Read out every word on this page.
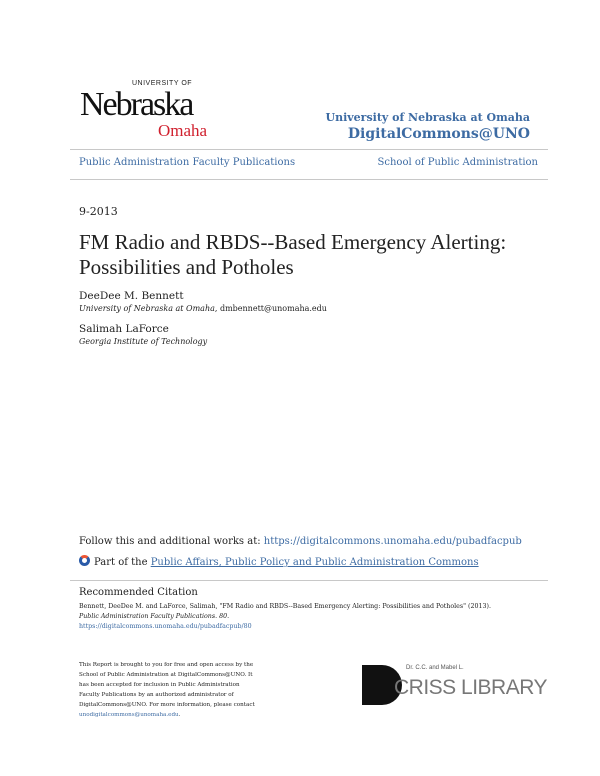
UNIVERSITY OF
Nebraska
Omaha
University of Nebraska at Omaha
DigitalCommons@UNO
Public Administration Faculty Publications	School of Public Administration
9-2013
FM Radio and RBDS--Based Emergency Alerting: Possibilities and Potholes
DeeDee M. Bennett
University of Nebraska at Omaha, dmbennett@unomaha.edu
Salimah LaForce
Georgia Institute of Technology
Follow this and additional works at: https://digitalcommons.unomaha.edu/pubadfacpub
Part of the Public Affairs, Public Policy and Public Administration Commons
Recommended Citation
Bennett, DeeDee M. and LaForce, Salimah, "FM Radio and RBDS--Based Emergency Alerting: Possibilities and Potholes" (2013).
Public Administration Faculty Publications. 80.
https://digitalcommons.unomaha.edu/pubadfacpub/80
This Report is brought to you for free and open access by the School of Public Administration at DigitalCommons@UNO. It has been accepted for inclusion in Public Administration Faculty Publications by an authorized administrator of DigitalCommons@UNO. For more information, please contact unodigitalcommons@unomaha.edu.
Dr. C.C. and Mabel L.
CRISS LIBRARY
